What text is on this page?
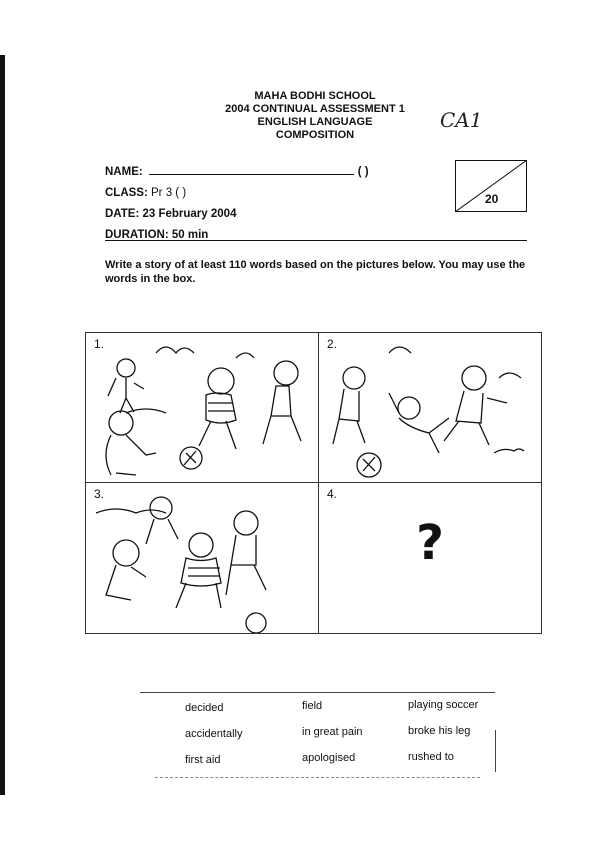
MAHA BODHI SCHOOL
2004 CONTINUAL ASSESSMENT 1
ENGLISH LANGUAGE
COMPOSITION
CA1
NAME:	( )
CLASS: Pr 3 ( )
DATE: 23 February 2004
DURATION: 50 min
20
Write a story of at least 110 words based on the pictures below. You may use the words in the box.
1.	2.
3.	4.
?
decided	field	playing soccer
accidentally	in great pain	broke his leg
first aid	apologised	rushed to
